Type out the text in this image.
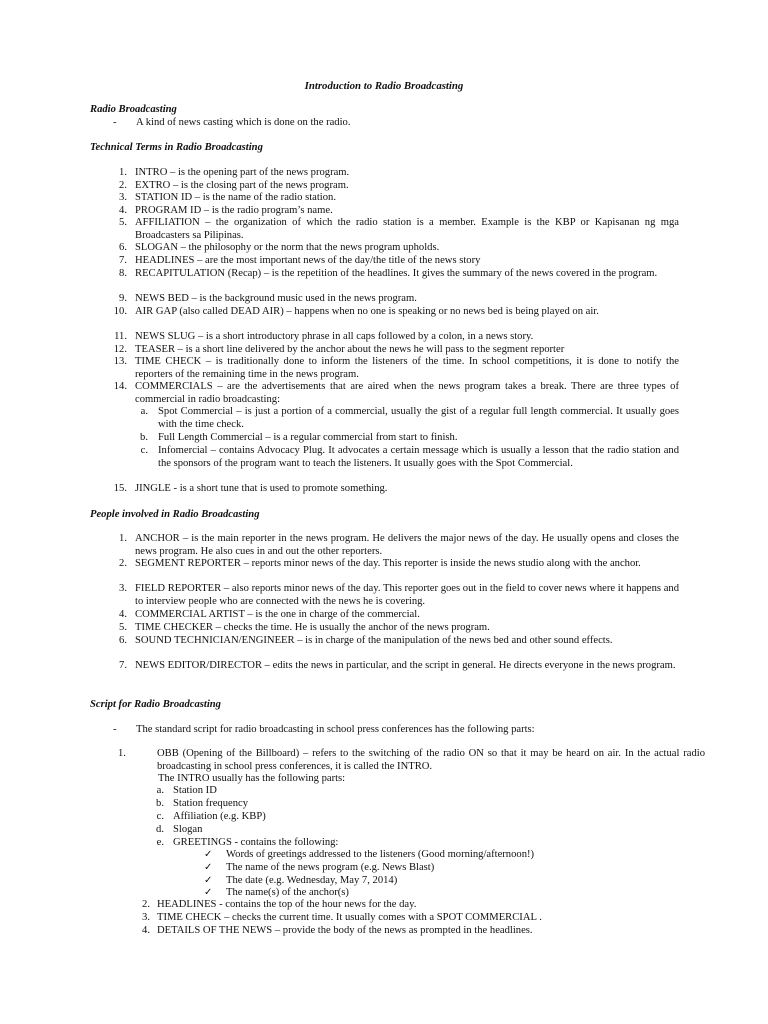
Introduction to Radio Broadcasting
Radio Broadcasting
- A kind of news casting which is done on the radio.
Technical Terms in Radio Broadcasting
1. INTRO – is the opening part of the news program.
2. EXTRO – is the closing part of the news program.
3. STATION ID – is the name of the radio station.
4. PROGRAM ID – is the radio program’s name.
5. AFFILIATION – the organization of which the radio station is a member. Example is the KBP or Kapisanan ng mga Broadcasters sa Pilipinas.
6. SLOGAN – the philosophy or the norm that the news program upholds.
7. HEADLINES – are the most important news of the day/the title of the news story
8. RECAPITULATION (Recap) – is the repetition of the headlines. It gives the summary of the news covered in the program.
9. NEWS BED – is the background music used in the news program.
10. AIR GAP (also called DEAD AIR) – happens when no one is speaking or no news bed is being played on air.
11. NEWS SLUG – is a short introductory phrase in all caps followed by a colon, in a news story.
12. TEASER – is a short line delivered by the anchor about the news he will pass to the segment reporter
13. TIME CHECK – is traditionally done to inform the listeners of the time. In school competitions, it is done to notify the reporters of the remaining time in the news program.
14. COMMERCIALS – are the advertisements that are aired when the news program takes a break. There are three types of commercial in radio broadcasting:
a. Spot Commercial – is just a portion of a commercial, usually the gist of a regular full length commercial. It usually goes with the time check.
b. Full Length Commercial – is a regular commercial from start to finish.
c. Infomercial – contains Advocacy Plug. It advocates a certain message which is usually a lesson that the radio station and the sponsors of the program want to teach the listeners. It usually goes with the Spot Commercial.
15. JINGLE - is a short tune that is used to promote something.
People involved in Radio Broadcasting
1. ANCHOR – is the main reporter in the news program. He delivers the major news of the day. He usually opens and closes the news program. He also cues in and out the other reporters.
2. SEGMENT REPORTER – reports minor news of the day. This reporter is inside the news studio along with the anchor.
3. FIELD REPORTER – also reports minor news of the day. This reporter goes out in the field to cover news where it happens and to interview people who are connected with the news he is covering.
4. COMMERCIAL ARTIST – is the one in charge of the commercial.
5. TIME CHECKER – checks the time. He is usually the anchor of the news program.
6. SOUND TECHNICIAN/ENGINEER – is in charge of the manipulation of the news bed and other sound effects.
7. NEWS EDITOR/DIRECTOR – edits the news in particular, and the script in general. He directs everyone in the news program.
Script for Radio Broadcasting
- The standard script for radio broadcasting in school press conferences has the following parts:
1.	OBB (Opening of the Billboard) – refers to the switching of the radio ON so that it may be heard on air. In the actual radio broadcasting in school press conferences, it is called the INTRO.
The INTRO usually has the following parts:
a. Station ID
b. Station frequency
c. Affiliation (e.g. KBP)
d. Slogan
e. GREETINGS - contains the following:
✓ Words of greetings addressed to the listeners (Good morning/afternoon!)
✓ The name of the news program (e.g. News Blast)
✓ The date (e.g. Wednesday, May 7, 2014)
✓ The name(s) of the anchor(s)
2. HEADLINES - contains the top of the hour news for the day.
3. TIME CHECK – checks the current time. It usually comes with a SPOT COMMERCIAL .
4. DETAILS OF THE NEWS – provide the body of the news as prompted in the headlines.
